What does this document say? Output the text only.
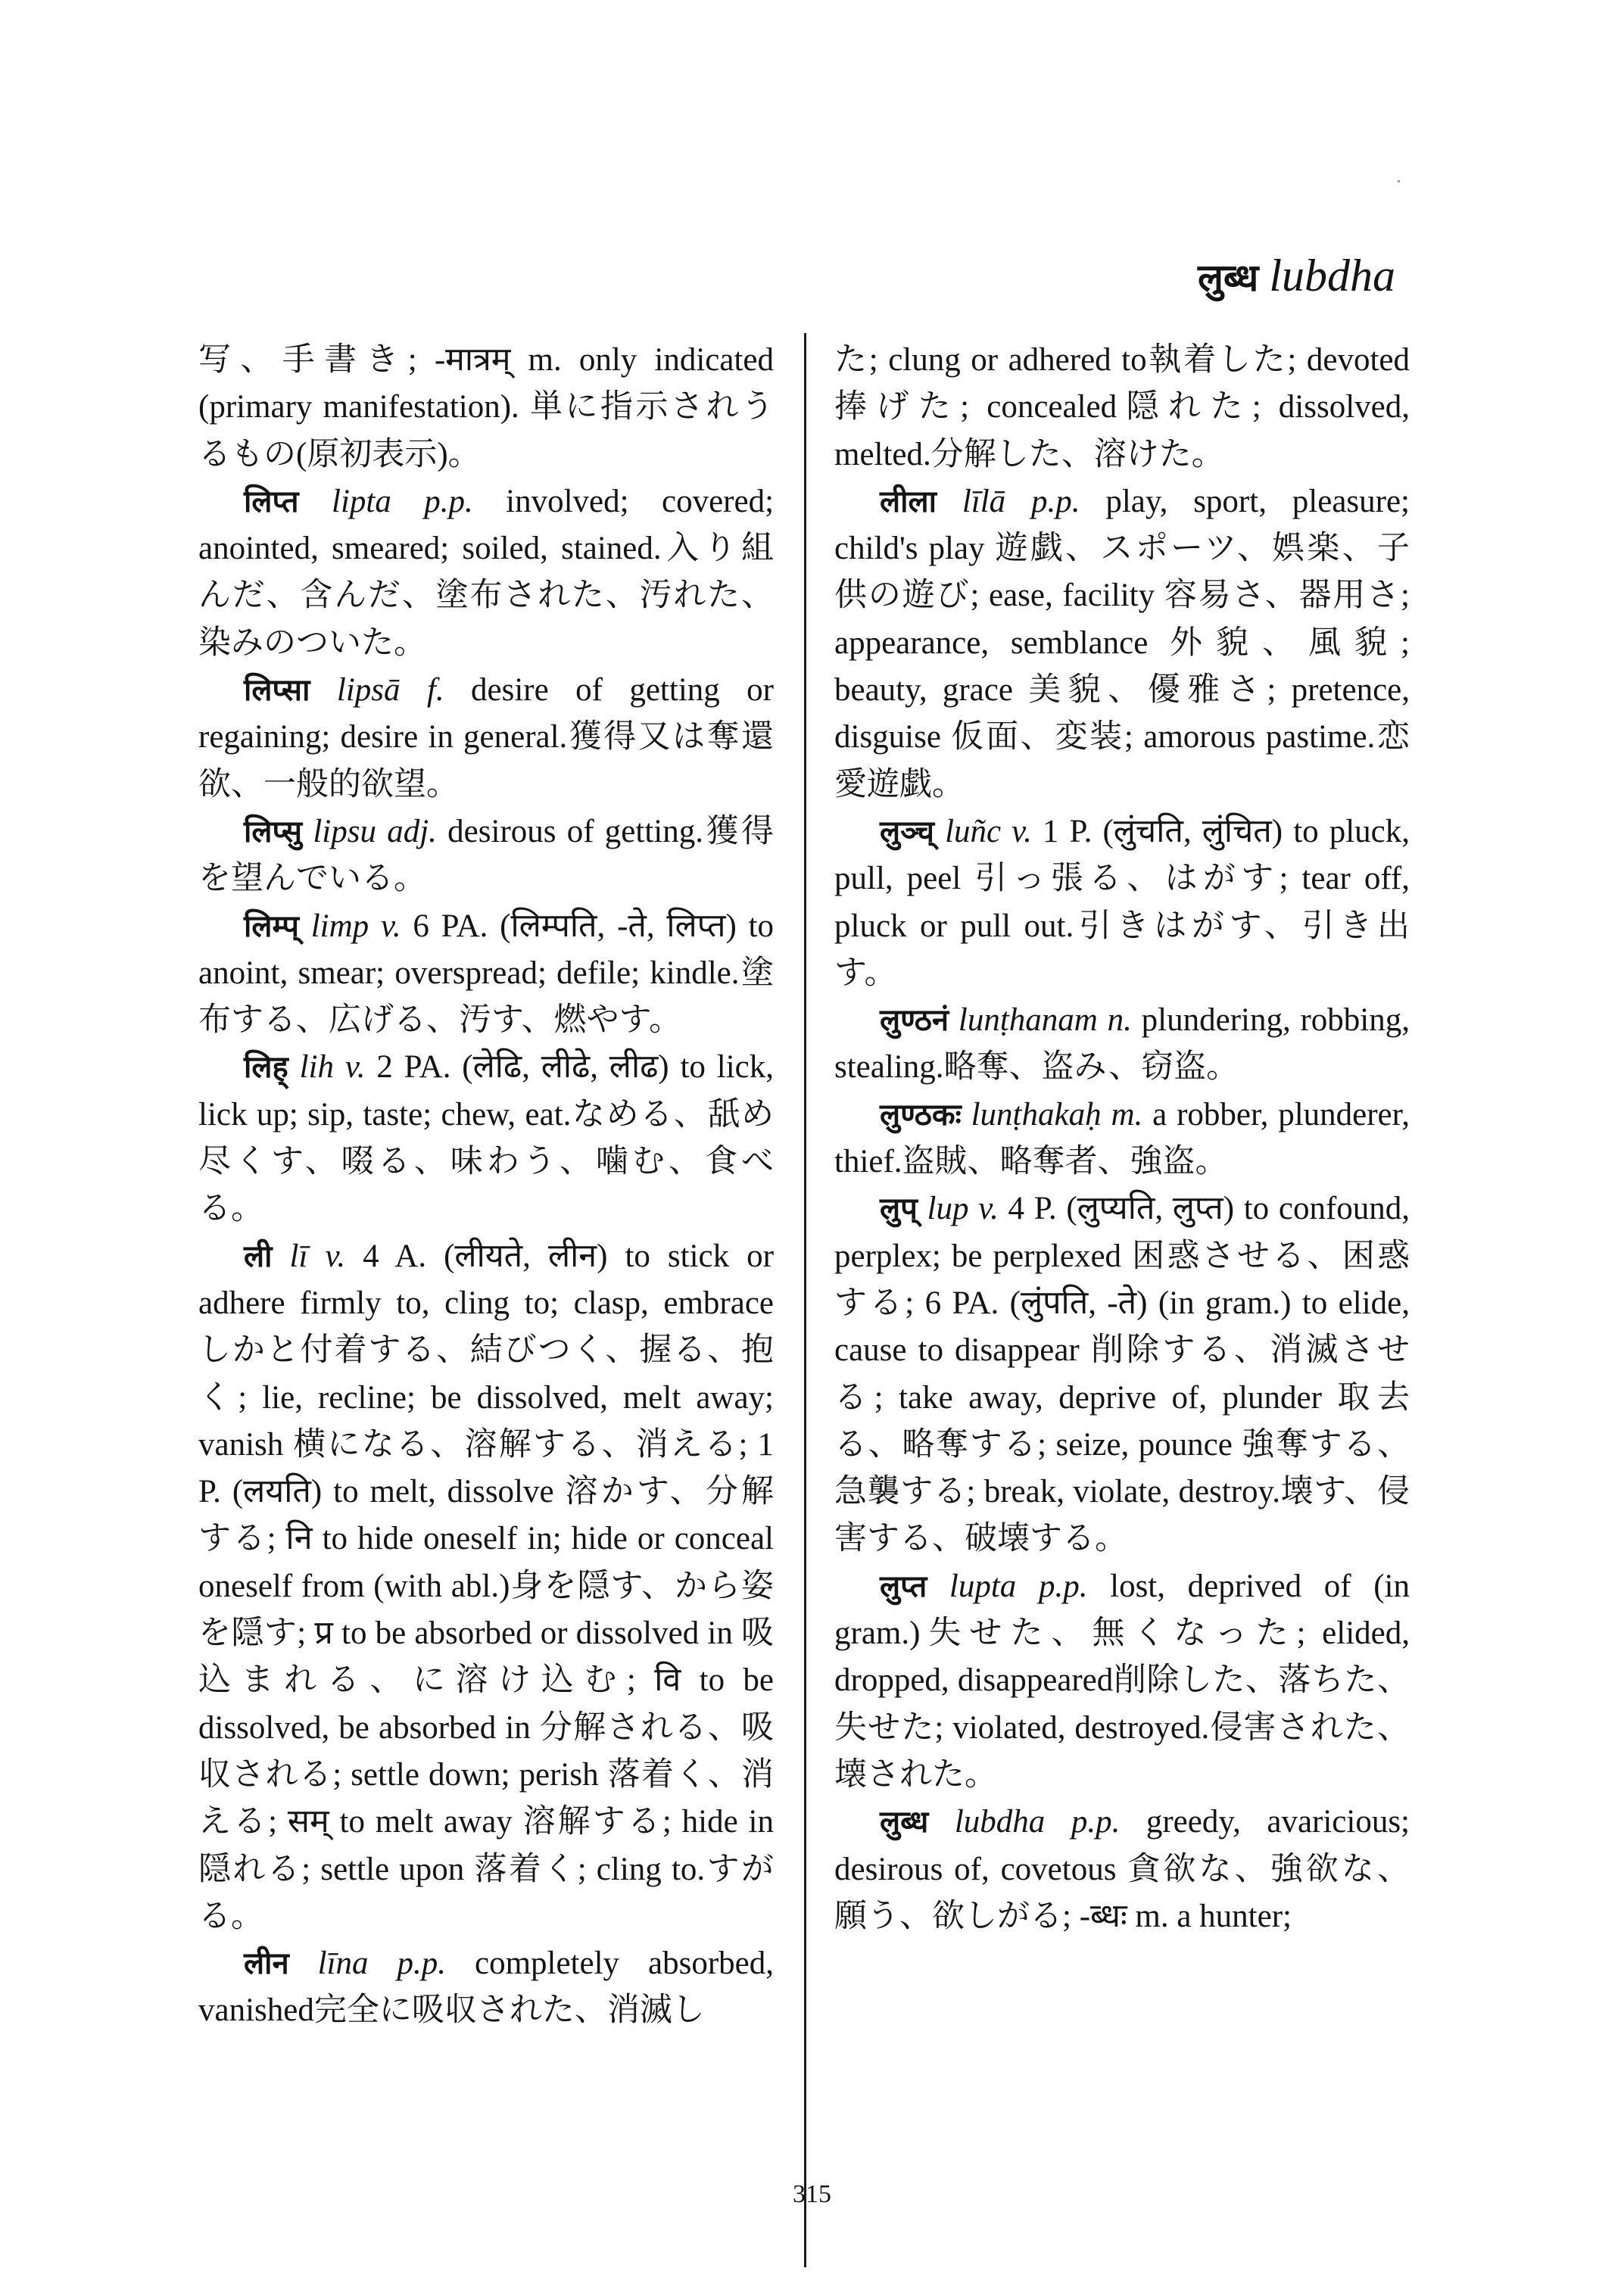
लुब्ध lubdha

写、手書き; -मात्रम् m. only indicated (primary manifestation). 単に指示されうるもの(原初表示)。

लिप्त lipta p.p. involved; covered; anointed, smeared; soiled, stained.入り組んだ、含んだ、塗布された、汚れた、染みのついた。

लिप्सा lipsā f. desire of getting or regaining; desire in general.獲得又は奪還欲、一般的欲望。

लिप्सु lipsu adj. desirous of getting.獲得を望んでいる。

लिम्प् limp v. 6 PA. (लिम्पति, -ते, लिप्त) to anoint, smear; overspread; defile; kindle.塗布する、広げる、汚す、燃やす。

लिह् lih v. 2 PA. (लेढि, लीढे, लीढ) to lick, lick up; sip, taste; chew, eat.なめる、舐め尽くす、啜る、味わう、噛む、食べる。

ली lī v. 4 A. (लीयते, लीन) to stick or adhere firmly to, cling to; clasp, embrace しかと付着する、結びつく、握る、抱く; lie, recline; be dissolved, melt away; vanish 横になる、溶解する、消える; 1 P. (लयति) to melt, dissolve 溶かす、分解する; नि to hide oneself in; hide or conceal oneself from (with abl.)身を隠す、から姿を隠す; प्र to be absorbed or dissolved in 吸込まれる、に溶け込む; वि to be dissolved, be absorbed in 分解される、吸収される; settle down; perish 落着く、消える; सम् to melt away 溶解する; hide in 隠れる; settle upon 落着く; cling to.すがる。

लीन līna p.p. completely absorbed, vanished完全に吸収された、消滅し

た; clung or adhered to執着した; devoted捧げた; concealed隠れた; dissolved, melted.分解した、溶けた。

लीला līlā p.p. play, sport, pleasure; child's play 遊戯、スポーツ、娯楽、子供の遊び; ease, facility 容易さ、器用さ; appearance, semblance 外貌、風貌; beauty, grace 美貌、優雅さ; pretence, disguise 仮面、変装; amorous pastime.恋愛遊戯。

लुञ्च् luñc v. 1 P. (लुंचति, लुंचित) to pluck, pull, peel 引っ張る、はがす; tear off, pluck or pull out.引きはがす、引き出す。

लुण्ठनं lunṭhanam n. plundering, robbing, stealing.略奪、盗み、窃盗。

लुण्ठकः lunṭhakaḥ m. a robber, plunderer, thief.盗賊、略奪者、強盗。

लुप् lup v. 4 P. (लुप्यति, लुप्त) to confound, perplex; be perplexed 困惑させる、困惑する; 6 PA. (लुंपति, -ते) (in gram.) to elide, cause to disappear 削除する、消滅させる; take away, deprive of, plunder 取去る、略奪する; seize, pounce 強奪する、急襲する; break, violate, destroy.壊す、侵害する、破壊する。

लुप्त lupta p.p. lost, deprived of (in gram.)失せた、無くなった; elided, dropped, disappeared削除した、落ちた、失せた; violated, destroyed.侵害された、壊された。

लुब्ध lubdha p.p. greedy, avaricious; desirous of, covetous 貪欲な、強欲な、願う、欲しがる; -ब्धः m. a hunter;

315
